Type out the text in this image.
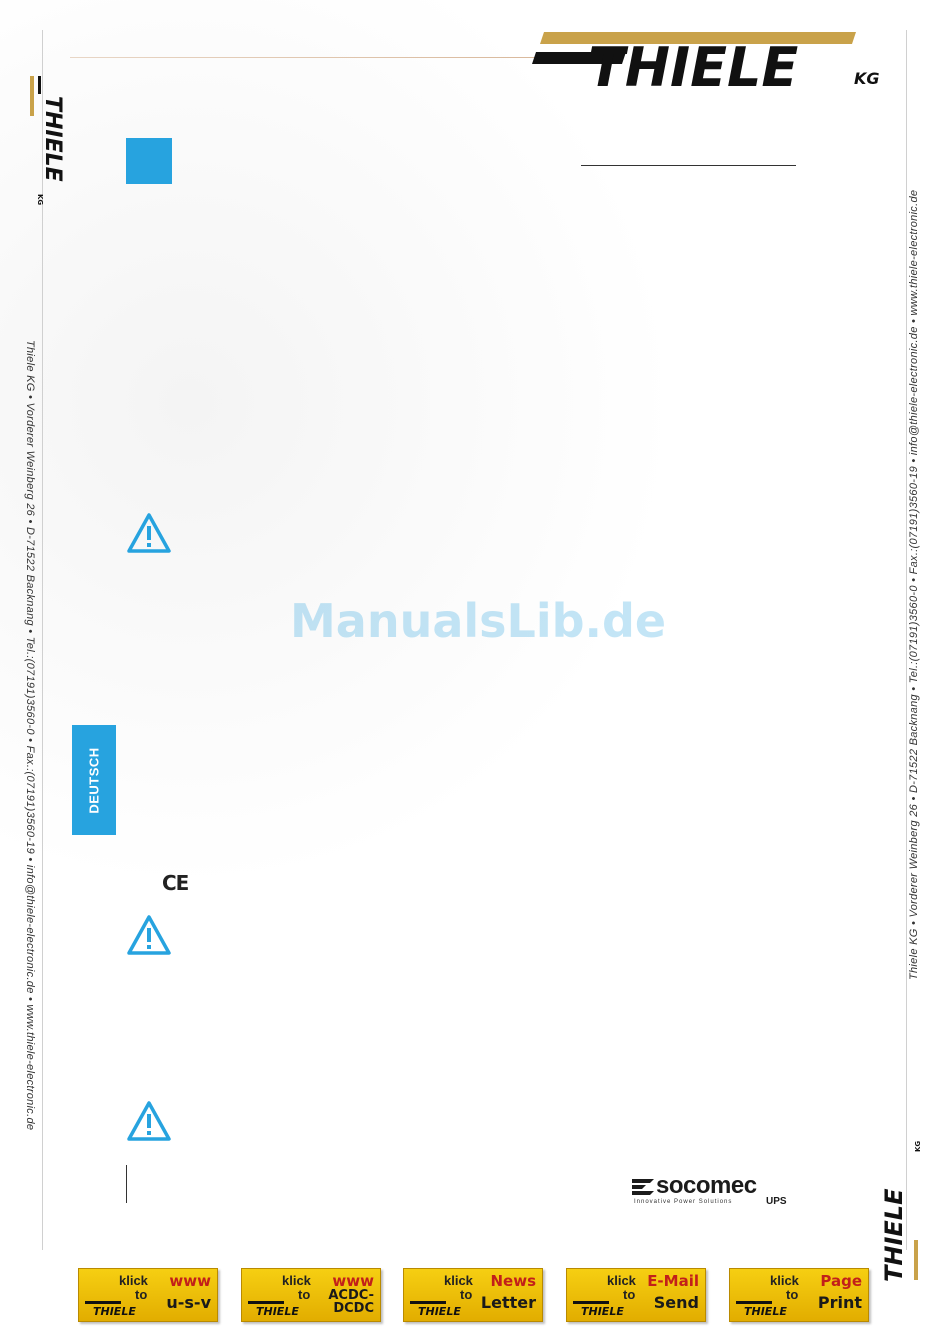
THIELE	KG
THIELE
KG
THIELE
KG
Thiele KG • Vorderer Weinberg 26 • D-71522 Backnang • Tel.:(07191)3560-0 • Fax.:(07191)3560-19 • info@thiele-electronic.de • www.thiele-electronic.de	Thiele KG • Vorderer Weinberg 26 • D-71522 Backnang • Tel.:(07191)3560-0 • Fax.:(07191)3560-19 • info@thiele-electronic.de • www.thiele-electronic.de
DEUTSCH
CE
ManualsLib.de
socomec
Innovative Power Solutions	UPS
THIELE
klick
to
www
u-s-v	THIELE
klick
to
www
ACDC-DCDC	THIELE
klick
to
News
Letter	THIELE
klick
to
E-Mail
Send	THIELE
klick
to
Page
Print
